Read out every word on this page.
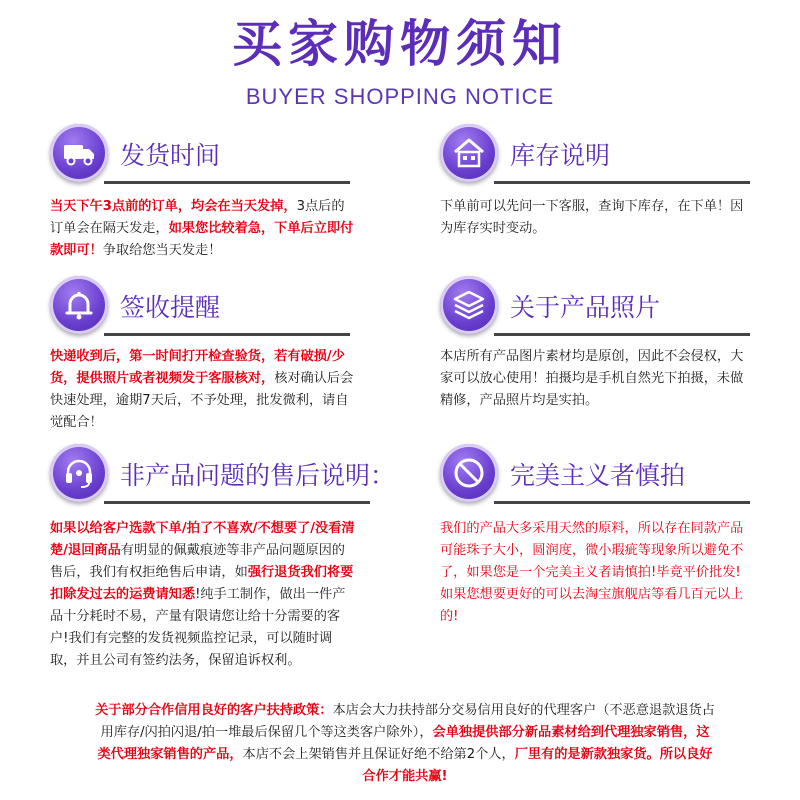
买家购物须知
BUYER SHOPPING NOTICE
发货时间
当天下午3点前的订单，均会在当天发掉，3点后的订单会在隔天发走，如果您比较着急，下单后立即付款即可！争取给您当天发走！
库存说明
下单前可以先问一下客服，查询下库存，在下单！因为库存实时变动。
签收提醒
快递收到后，第一时间打开检查验货，若有破损/少货，提供照片或者视频发于客服核对，核对确认后会快速处理，逾期7天后，不予处理，批发微利，请自觉配合！
关于产品照片
本店所有产品图片素材均是原创，因此不会侵权，大家可以放心使用！拍摄均是手机自然光下拍摄，未做精修，产品照片均是实拍。
非产品问题的售后说明：
如果以给客户选款下单/拍了不喜欢/不想要了/没看清楚/退回商品有明显的佩戴痕迹等非产品问题原因的售后，我们有权拒绝售后申请，如强行退货我们将要扣除发过去的运费请知悉!纯手工制作，做出一件产品十分耗时不易，产量有限请您让给十分需要的客户!我们有完整的发货视频监控记录，可以随时调取，并且公司有签约法务，保留追诉权利。
完美主义者慎拍
我们的产品大多采用天然的原料，所以存在同款产品可能珠子大小，圆润度，微小瑕疵等现象所以避免不了，如果您是一个完美主义者请慎拍!毕竟平价批发!如果您想要更好的可以去淘宝旗舰店等看几百元以上的!
关于部分合作信用良好的客户扶持政策：本店会大力扶持部分交易信用良好的代理客户（不恶意退款退货占用库存/闪拍闪退/拍一堆最后保留几个等这类客户除外），会单独提供部分新品素材给到代理独家销售，这类代理独家销售的产品，本店不会上架销售并且保证好绝不给第2个人，厂里有的是新款独家货。所以良好合作才能共赢!
